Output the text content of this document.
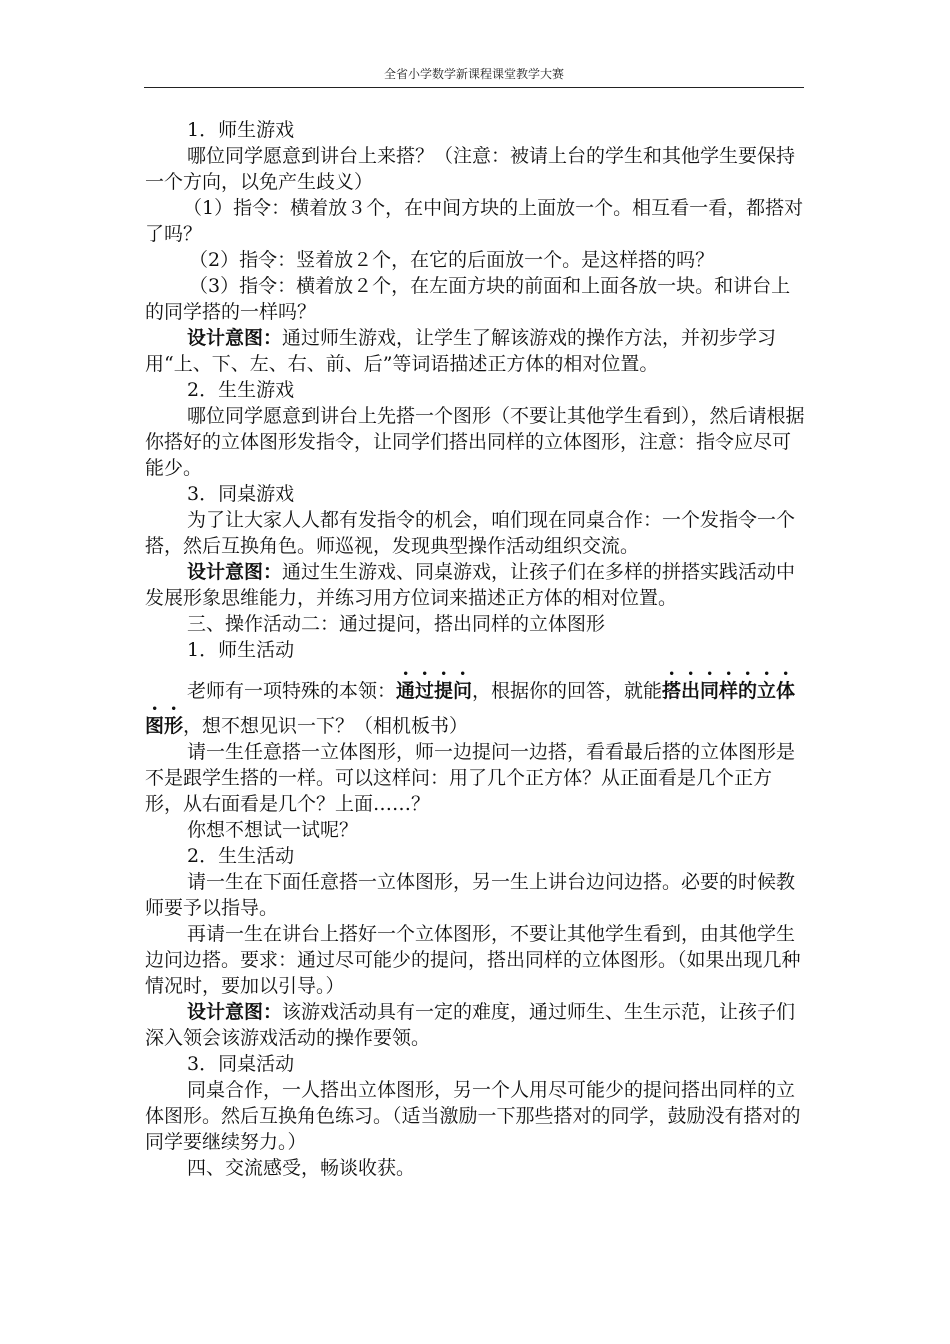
全省小学数学新课程课堂教学大赛

1．师生游戏

哪位同学愿意到讲台上来搭？（注意：被请上台的学生和其他学生要保持一个方向，以免产生歧义）

（1）指令：横着放３个，在中间方块的上面放一个。相互看一看，都搭对了吗？

（2）指令：竖着放２个，在它的后面放一个。是这样搭的吗？

（3）指令：横着放２个，在左面方块的前面和上面各放一块。和讲台上的同学搭的一样吗？

设计意图：通过师生游戏，让学生了解该游戏的操作方法，并初步学习用“上、下、左、右、前、后”等词语描述正方体的相对位置。

2．生生游戏

哪位同学愿意到讲台上先搭一个图形（不要让其他学生看到），然后请根据你搭好的立体图形发指令，让同学们搭出同样的立体图形，注意：指令应尽可能少。

3．同桌游戏

为了让大家人人都有发指令的机会，咱们现在同桌合作：一个发指令一个搭，然后互换角色。师巡视，发现典型操作活动组织交流。

设计意图：通过生生游戏、同桌游戏，让孩子们在多样的拼搭实践活动中发展形象思维能力，并练习用方位词来描述正方体的相对位置。

三、操作活动二：通过提问，搭出同样的立体图形

1．师生活动

老师有一项特殊的本领：通过提问，根据你的回答，就能搭出同样的立体图形，想不想见识一下？（相机板书）

请一生任意搭一立体图形，师一边提问一边搭，看看最后搭的立体图形是不是跟学生搭的一样。可以这样问：用了几个正方体？从正面看是几个正方形，从右面看是几个？上面……？

你想不想试一试呢？

2．生生活动

请一生在下面任意搭一立体图形，另一生上讲台边问边搭。必要的时候教师要予以指导。

再请一生在讲台上搭好一个立体图形，不要让其他学生看到，由其他学生边问边搭。要求：通过尽可能少的提问，搭出同样的立体图形。（如果出现几种情况时，要加以引导。）

设计意图：该游戏活动具有一定的难度，通过师生、生生示范，让孩子们深入领会该游戏活动的操作要领。

3．同桌活动

同桌合作，一人搭出立体图形，另一个人用尽可能少的提问搭出同样的立体图形。然后互换角色练习。（适当激励一下那些搭对的同学，鼓励没有搭对的同学要继续努力。）

四、交流感受，畅谈收获。
